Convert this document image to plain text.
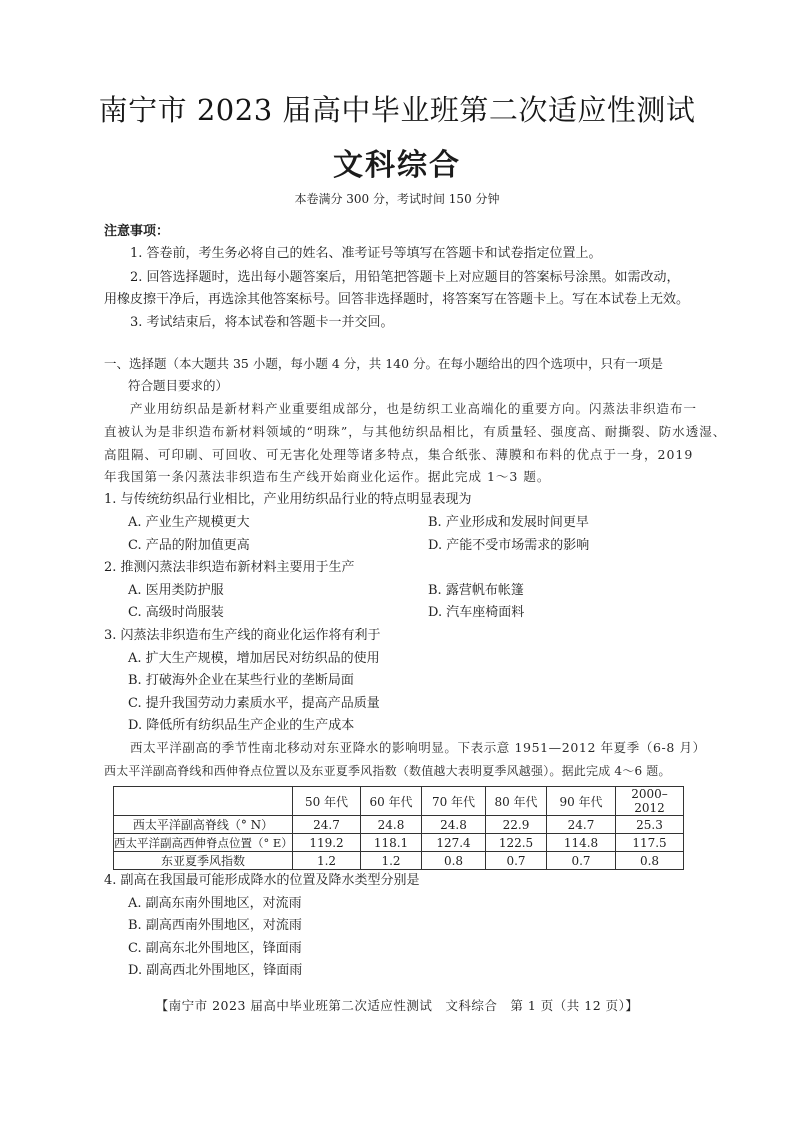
南宁市 2023 届高中毕业班第二次适应性测试
文科综合
本卷满分 300 分，考试时间 150 分钟
注意事项：
1. 答卷前，考生务必将自己的姓名、准考证号等填写在答题卡和试卷指定位置上。
2. 回答选择题时，选出每小题答案后，用铅笔把答题卡上对应题目的答案标号涂黑。如需改动，
用橡皮擦干净后，再选涂其他答案标号。回答非选择题时，将答案写在答题卡上。写在本试卷上无效。
3. 考试结束后，将本试卷和答题卡一并交回。
一、选择题（本大题共 35 小题，每小题 4 分，共 140 分。在每小题给出的四个选项中，只有一项是
符合题目要求的）
产业用纺织品是新材料产业重要组成部分，也是纺织工业高端化的重要方向。闪蒸法非织造布一
直被认为是非织造布新材料领域的“明珠”，与其他纺织品相比，有质量轻、强度高、耐撕裂、防水透湿、
高阻隔、可印刷、可回收、可无害化处理等诸多特点，集合纸张、薄膜和布料的优点于一身，2019
年我国第一条闪蒸法非织造布生产线开始商业化运作。据此完成 1～3 题。
1. 与传统纺织品行业相比，产业用纺织品行业的特点明显表现为
A. 产业生产规模更大	B. 产业形成和发展时间更早
C. 产品的附加值更高	D. 产能不受市场需求的影响
2. 推测闪蒸法非织造布新材料主要用于生产
A. 医用类防护服	B. 露营帆布帐篷
C. 高级时尚服装	D. 汽车座椅面料
3. 闪蒸法非织造布生产线的商业化运作将有利于
A. 扩大生产规模，增加居民对纺织品的使用
B. 打破海外企业在某些行业的垄断局面
C. 提升我国劳动力素质水平，提高产品质量
D. 降低所有纺织品生产企业的生产成本
西太平洋副高的季节性南北移动对东亚降水的影响明显。下表示意 1951—2012 年夏季（6-8 月）
西太平洋副高脊线和西伸脊点位置以及东亚夏季风指数（数值越大表明夏季风越强）。据此完成 4～6 题。
	50 年代	60 年代	70 年代	80 年代	90 年代	2000–2012
西太平洋副高脊线（° N）	24.7	24.8	24.8	22.9	24.7	25.3
西太平洋副高西伸脊点位置（° E）	119.2	118.1	127.4	122.5	114.8	117.5
东亚夏季风指数	1.2	1.2	0.8	0.7	0.7	0.8
4. 副高在我国最可能形成降水的位置及降水类型分别是
A. 副高东南外围地区，对流雨
B. 副高西南外围地区，对流雨
C. 副高东北外围地区，锋面雨
D. 副高西北外围地区，锋面雨
【南宁市 2023 届高中毕业班第二次适应性测试　文科综合　第 1 页（共 12 页）】
